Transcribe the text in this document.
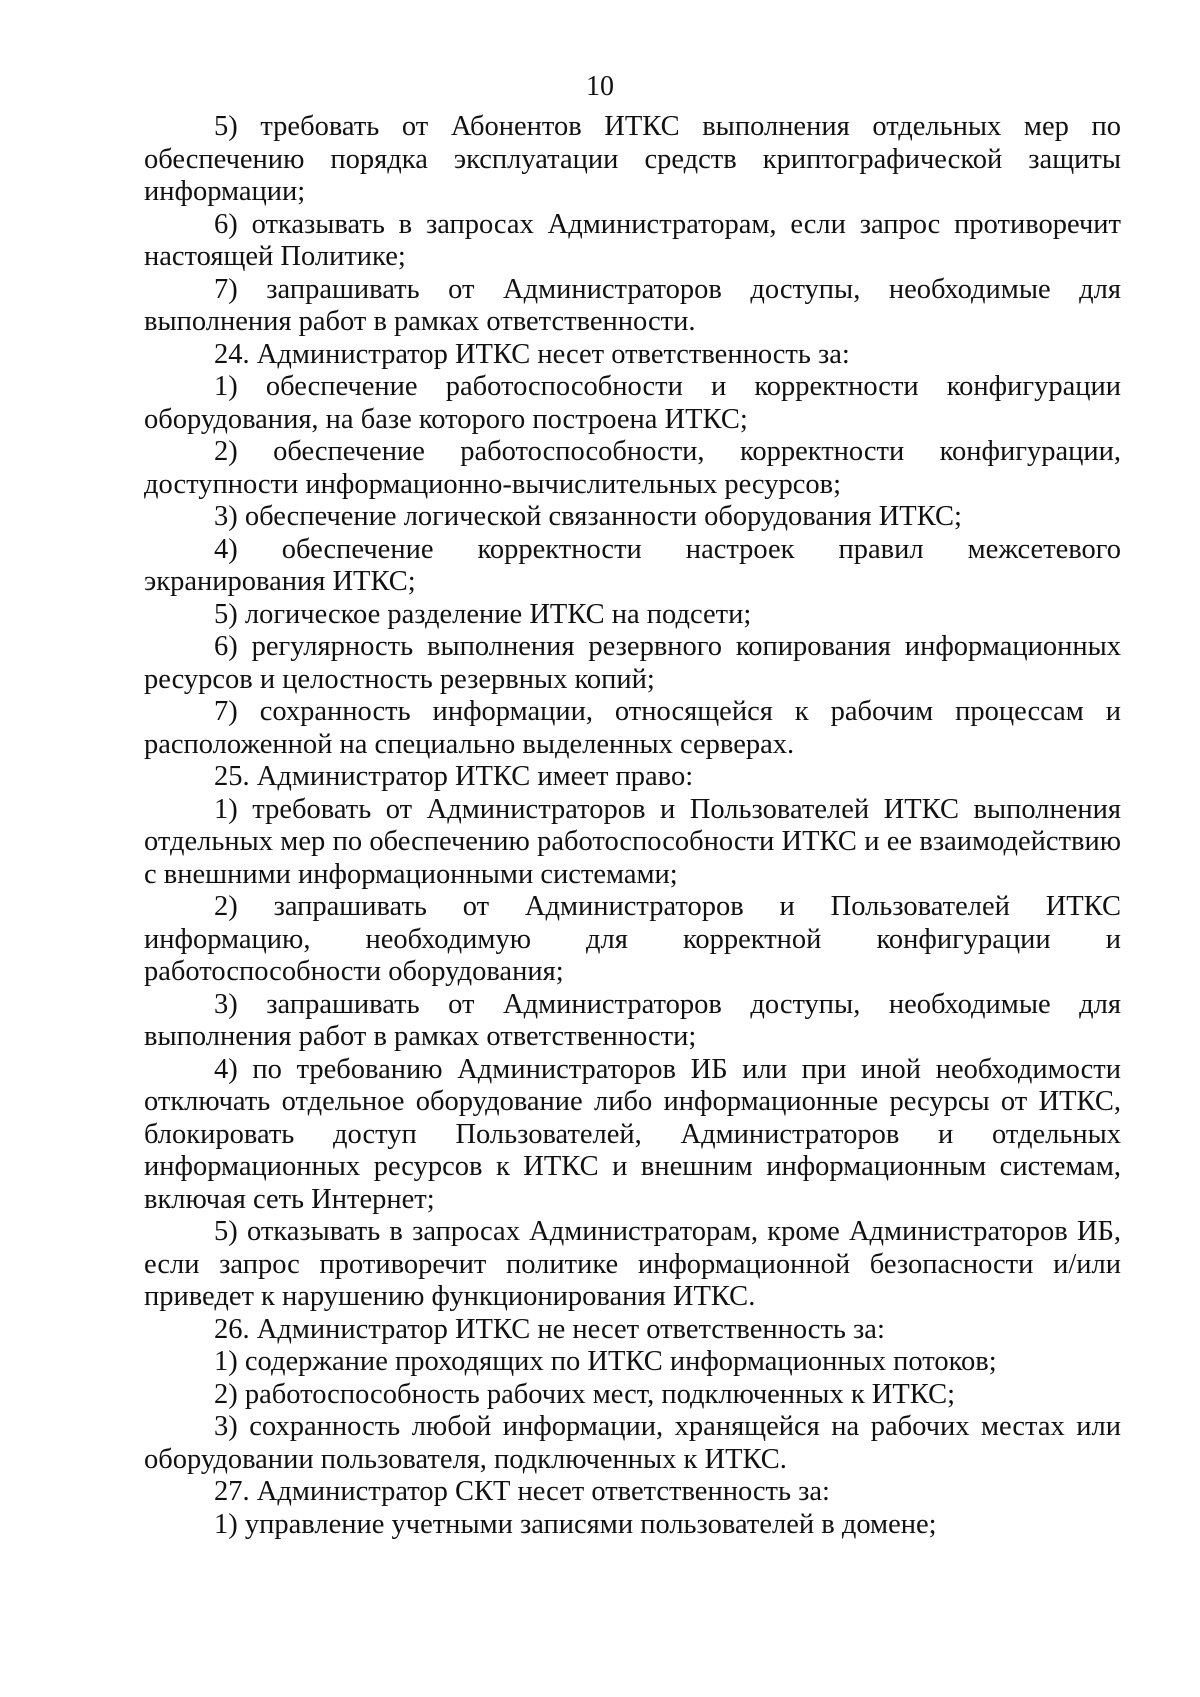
10

5) требовать от Абонентов ИТКС выполнения отдельных мер по обеспечению порядка эксплуатации средств криптографической защиты информации;

6) отказывать в запросах Администраторам, если запрос противоречит настоящей Политике;

7) запрашивать от Администраторов доступы, необходимые для выполнения работ в рамках ответственности.

24. Администратор ИТКС несет ответственность за:

1) обеспечение работоспособности и корректности конфигурации оборудования, на базе которого построена ИТКС;

2) обеспечение работоспособности, корректности конфигурации, доступности информационно-вычислительных ресурсов;

3) обеспечение логической связанности оборудования ИТКС;

4) обеспечение корректности настроек правил межсетевого экранирования ИТКС;

5) логическое разделение ИТКС на подсети;

6) регулярность выполнения резервного копирования информационных ресурсов и целостность резервных копий;

7) сохранность информации, относящейся к рабочим процессам и расположенной на специально выделенных серверах.

25. Администратор ИТКС имеет право:

1) требовать от Администраторов и Пользователей ИТКС выполнения отдельных мер по обеспечению работоспособности ИТКС и ее взаимодействию с внешними информационными системами;

2) запрашивать от Администраторов и Пользователей ИТКС информацию, необходимую для корректной конфигурации и работоспособности оборудования;

3) запрашивать от Администраторов доступы, необходимые для выполнения работ в рамках ответственности;

4) по требованию Администраторов ИБ или при иной необходимости отключать отдельное оборудование либо информационные ресурсы от ИТКС, блокировать доступ Пользователей, Администраторов и отдельных информационных ресурсов к ИТКС и внешним информационным системам, включая сеть Интернет;

5) отказывать в запросах Администраторам, кроме Администраторов ИБ, если запрос противоречит политике информационной безопасности и/или приведет к нарушению функционирования ИТКС.

26. Администратор ИТКС не несет ответственность за:

1) содержание проходящих по ИТКС информационных потоков;

2) работоспособность рабочих мест, подключенных к ИТКС;

3) сохранность любой информации, хранящейся на рабочих местах или оборудовании пользователя, подключенных к ИТКС.

27. Администратор СКТ несет ответственность за:

1) управление учетными записями пользователей в домене;
